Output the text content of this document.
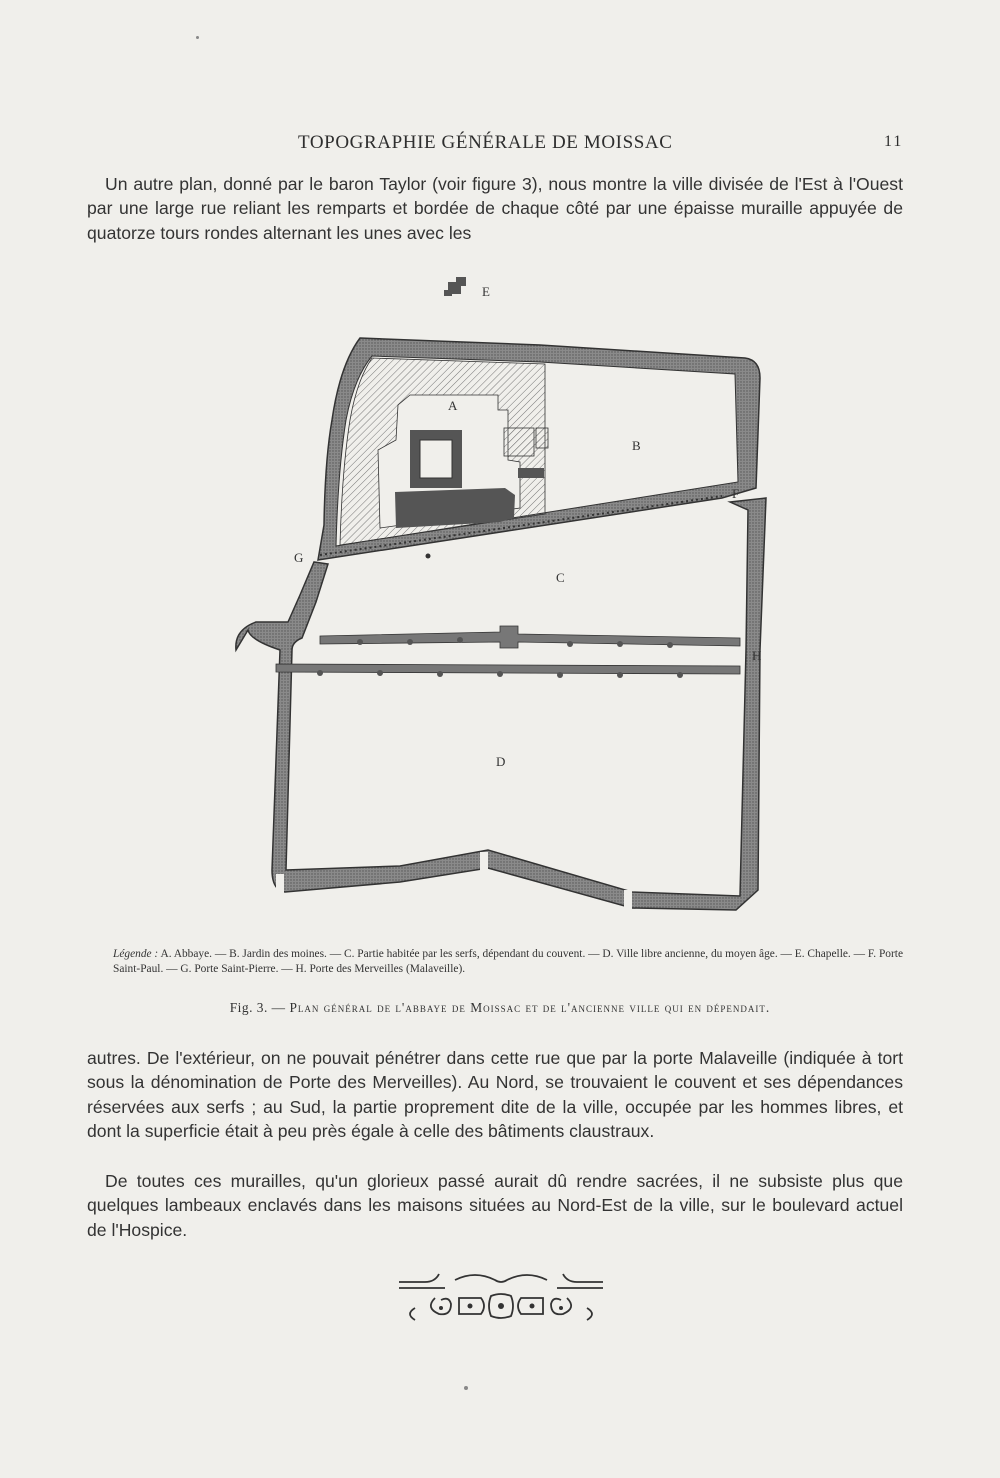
TOPOGRAPHIE GÉNÉRALE DE MOISSAC	11

Un autre plan, donné par le baron Taylor (voir figure 3), nous montre la ville divisée de l'Est à l'Ouest par une large rue reliant les remparts et bordée de chaque côté par une épaisse muraille appuyée de quatorze tours rondes alternant les unes avec les

E
A
B
G
F
C
H
D

Légende : A. Abbaye. — B. Jardin des moines. — C. Partie habitée par les serfs, dépendant du couvent. — D. Ville libre ancienne, du moyen âge. — E. Chapelle. — F. Porte Saint-Paul. — G. Porte Saint-Pierre. — H. Porte des Merveilles (Malaveille).

Fig. 3. — Plan général de l'abbaye de Moissac et de l'ancienne ville qui en dépendait.

autres. De l'extérieur, on ne pouvait pénétrer dans cette rue que par la porte Malaveille (indiquée à tort sous la dénomination de Porte des Merveilles). Au Nord, se trouvaient le couvent et ses dépendances réservées aux serfs ; au Sud, la partie proprement dite de la ville, occupée par les hommes libres, et dont la superficie était à peu près égale à celle des bâtiments claustraux.

De toutes ces murailles, qu'un glorieux passé aurait dû rendre sacrées, il ne subsiste plus que quelques lambeaux enclavés dans les maisons situées au Nord-Est de la ville, sur le boulevard actuel de l'Hospice.
